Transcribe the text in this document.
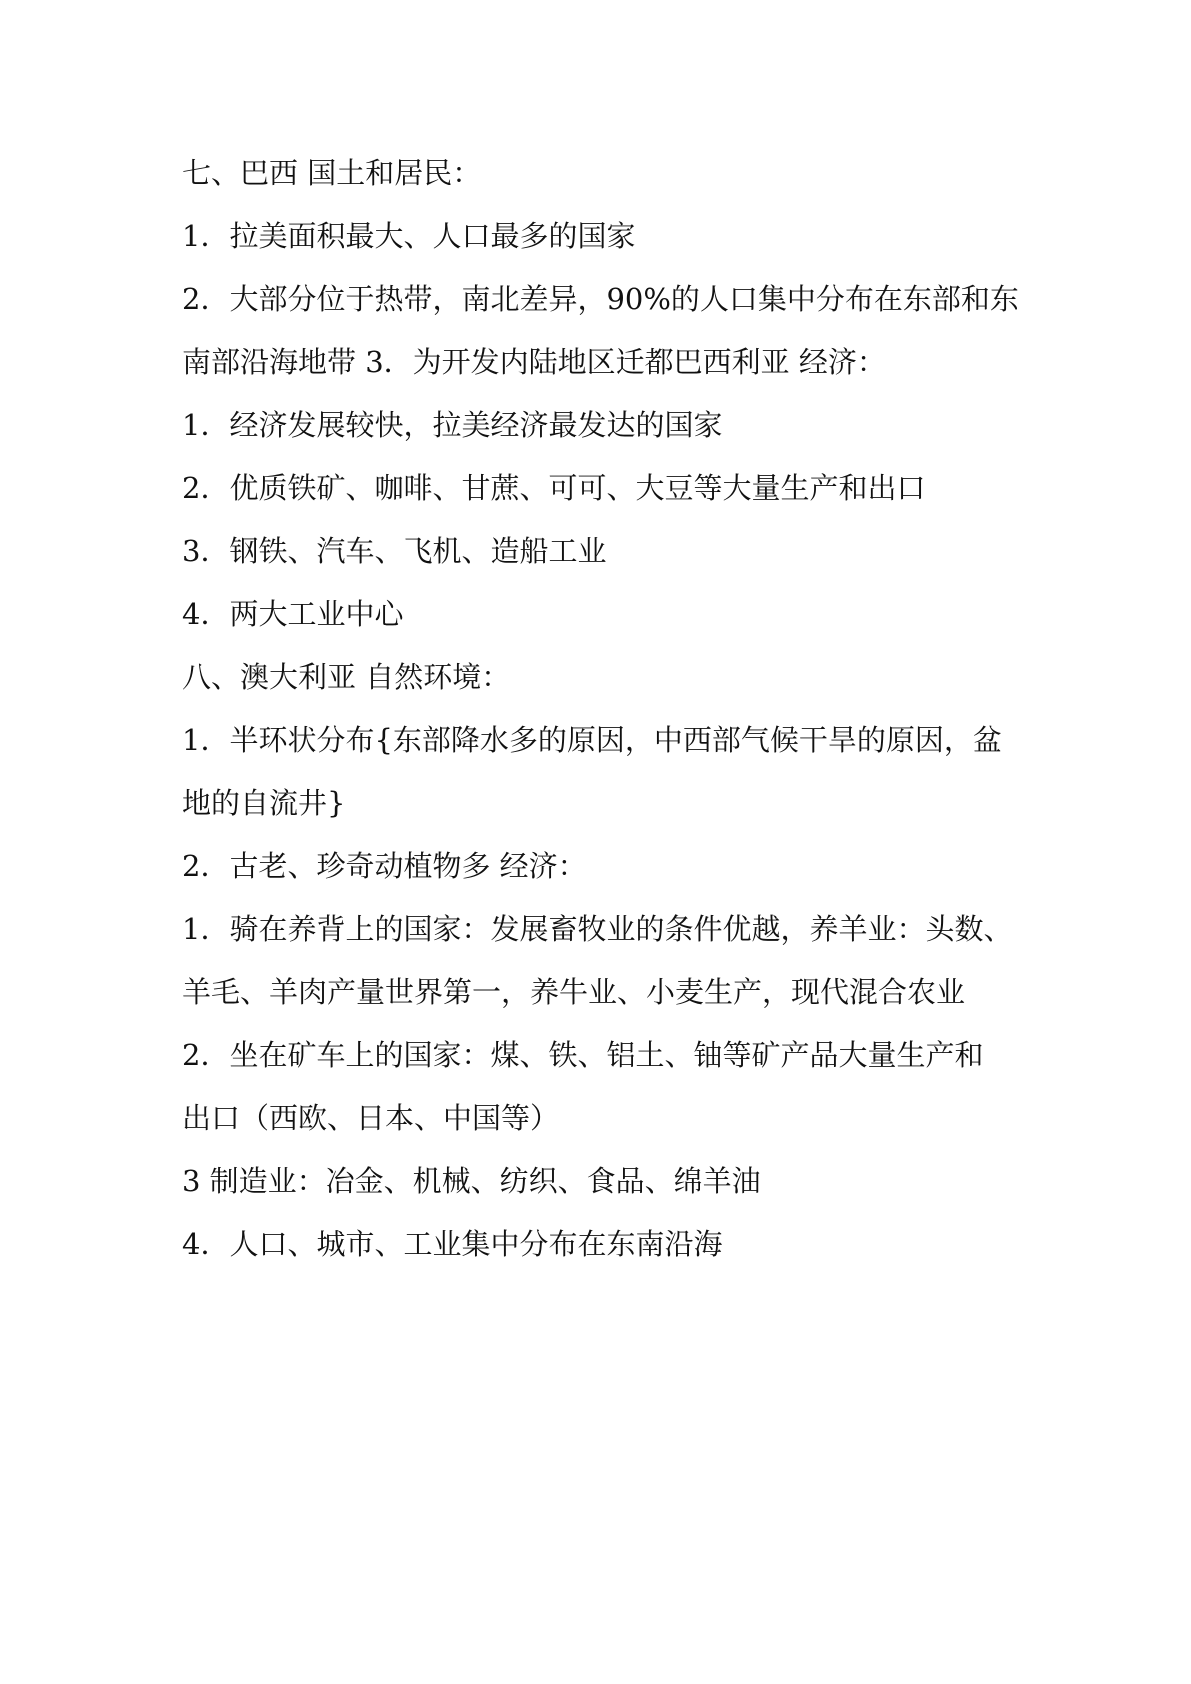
七、巴西 国土和居民：
1．拉美面积最大、人口最多的国家
2．大部分位于热带，南北差异，90%的人口集中分布在东部和东
南部沿海地带 3．为开发内陆地区迁都巴西利亚 经济：
1．经济发展较快，拉美经济最发达的国家
2．优质铁矿、咖啡、甘蔗、可可、大豆等大量生产和出口
3．钢铁、汽车、飞机、造船工业
4．两大工业中心
八、澳大利亚 自然环境：
1．半环状分布{东部降水多的原因，中西部气候干旱的原因，盆
地的自流井}
2．古老、珍奇动植物多 经济：
1．骑在养背上的国家：发展畜牧业的条件优越，养羊业：头数、
羊毛、羊肉产量世界第一，养牛业、小麦生产，现代混合农业
2．坐在矿车上的国家：煤、铁、铝土、铀等矿产品大量生产和
出口（西欧、日本、中国等）
3 制造业：冶金、机械、纺织、食品、绵羊油
4．人口、城市、工业集中分布在东南沿海
